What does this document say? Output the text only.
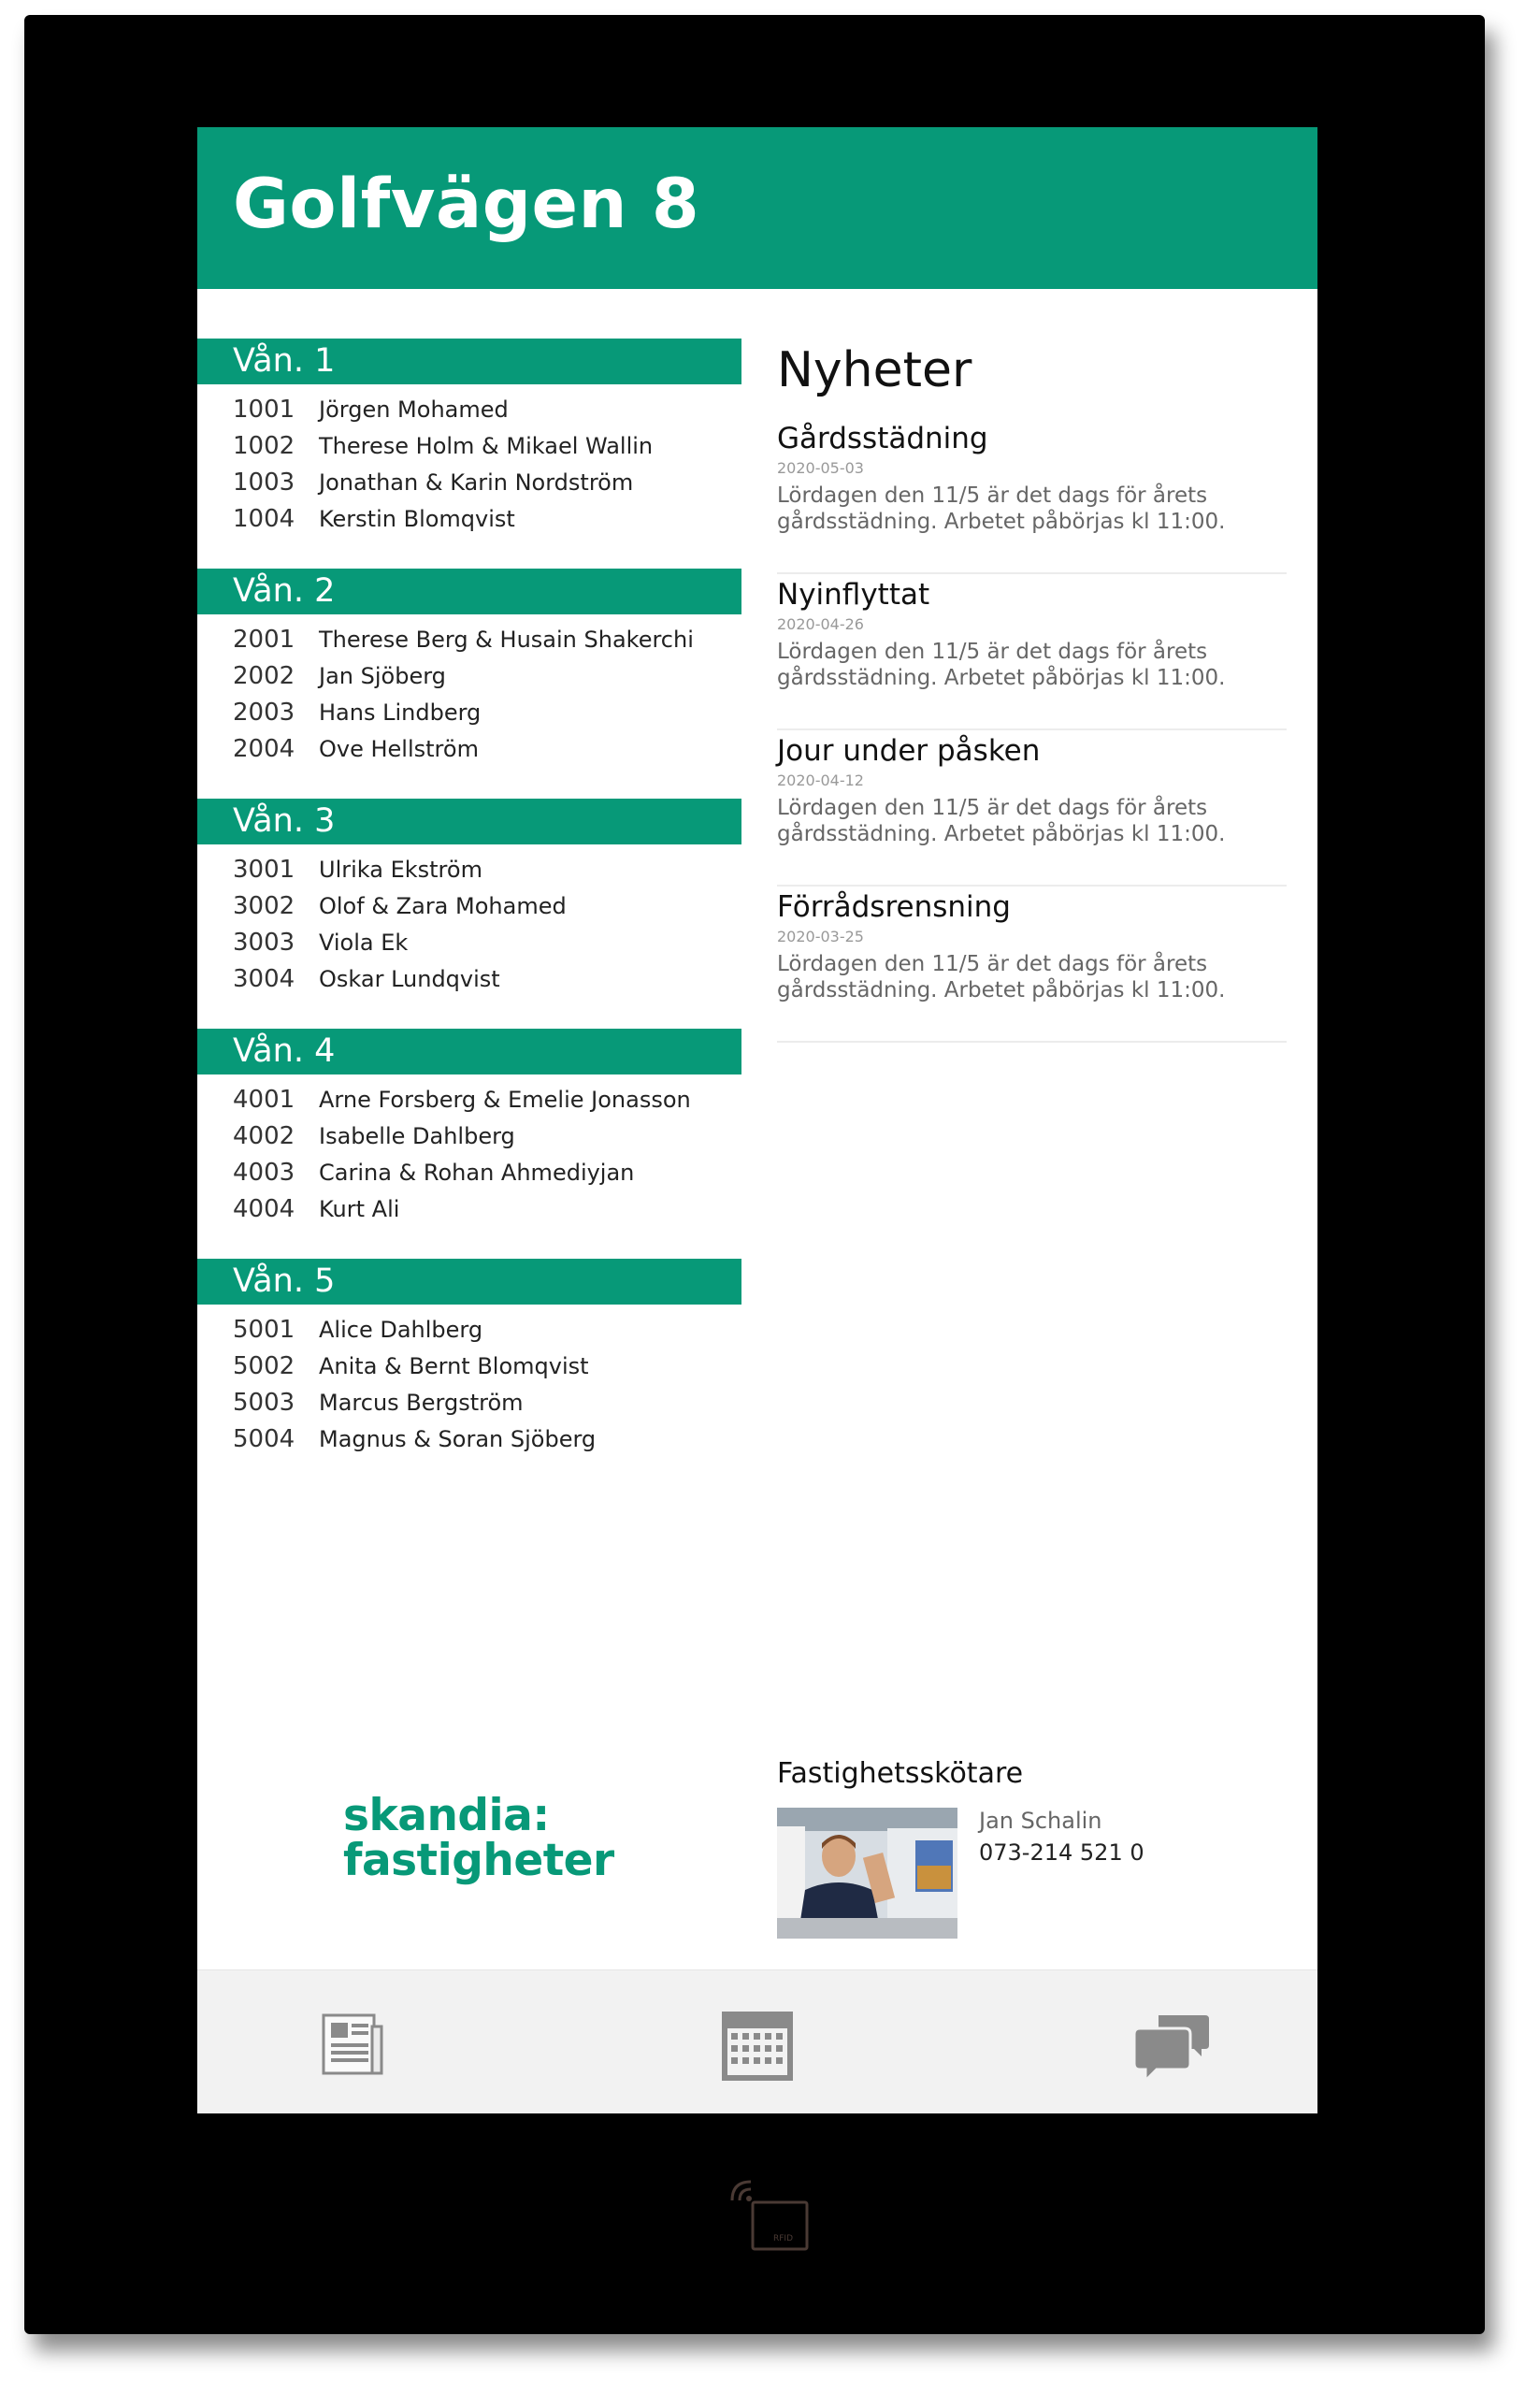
Golfvägen 8
Vån. 1
1001 Jörgen Mohamed
1002 Therese Holm & Mikael Wallin
1003 Jonathan & Karin Nordström
1004 Kerstin Blomqvist
Vån. 2
2001 Therese Berg & Husain Shakerchi
2002 Jan Sjöberg
2003 Hans Lindberg
2004 Ove Hellström
Vån. 3
3001 Ulrika Ekström
3002 Olof & Zara Mohamed
3003 Viola Ek
3004 Oskar Lundqvist
Vån. 4
4001 Arne Forsberg & Emelie Jonasson
4002 Isabelle Dahlberg
4003 Carina & Rohan Ahmediyjan
4004 Kurt Ali
Vån. 5
5001 Alice Dahlberg
5002 Anita & Bernt Blomqvist
5003 Marcus Bergström
5004 Magnus & Soran Sjöberg
Nyheter
Gårdsstädning
2020-05-03
Lördagen den 11/5 är det dags för årets gårdsstädning. Arbetet påbörjas kl 11:00.
Nyinflyttat
2020-04-26
Lördagen den 11/5 är det dags för årets gårdsstädning. Arbetet påbörjas kl 11:00.
Jour under påsken
2020-04-12
Lördagen den 11/5 är det dags för årets gårdsstädning. Arbetet påbörjas kl 11:00.
Förrådsrensning
2020-03-25
Lördagen den 11/5 är det dags för årets gårdsstädning. Arbetet påbörjas kl 11:00.
skandia:
fastigheter
Fastighetsskötare
Jan Schalin
073-214 521 0
RFID
